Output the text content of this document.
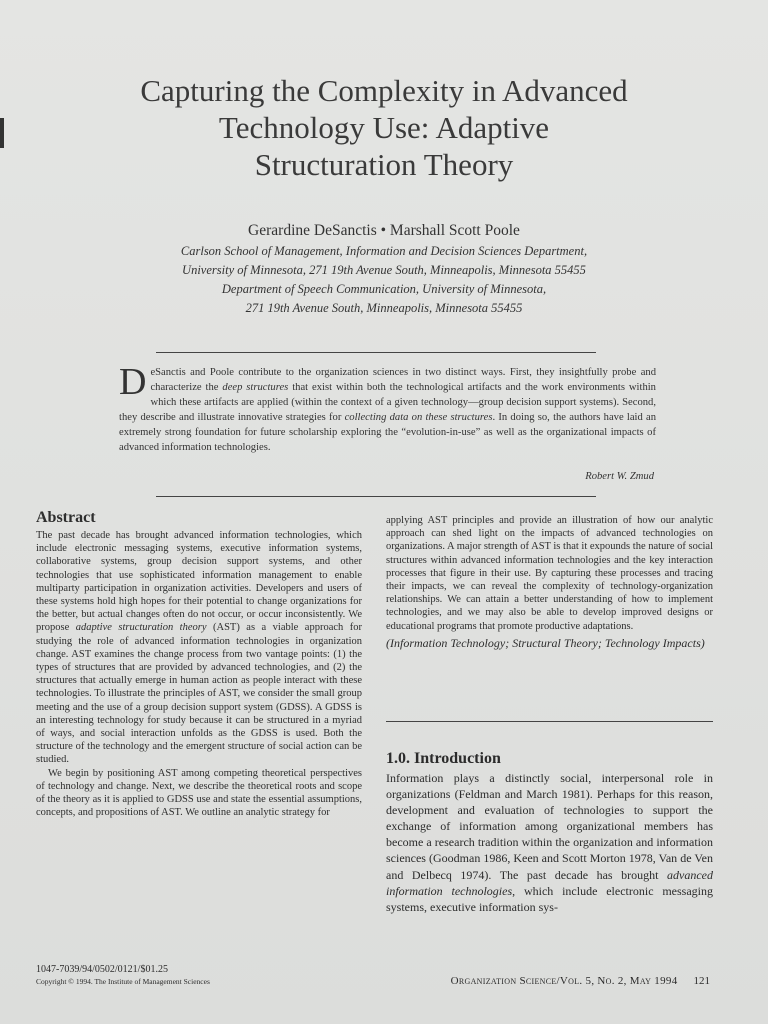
Capturing the Complexity in Advanced
Technology Use: Adaptive
Structuration Theory
Gerardine DeSanctis • Marshall Scott Poole
Carlson School of Management, Information and Decision Sciences Department,
University of Minnesota, 271 19th Avenue South, Minneapolis, Minnesota 55455
Department of Speech Communication, University of Minnesota,
271 19th Avenue South, Minneapolis, Minnesota 55455
DeSanctis and Poole contribute to the organization sciences in two distinct ways. First, they insightfully probe and characterize the deep structures that exist within both the technological artifacts and the work environments within which these artifacts are applied (within the context of a given technology—group decision support systems). Second, they describe and illustrate innovative strategies for collecting data on these structures. In doing so, the authors have laid an extremely strong foundation for future scholarship exploring the “evolution-in-use” as well as the organizational impacts of advanced information technologies.
Robert W. Zmud
Abstract

The past decade has brought advanced information technologies, which include electronic messaging systems, executive information systems, collaborative systems, group decision support systems, and other technologies that use sophisticated information management to enable multiparty participation in organization activities. Developers and users of these systems hold high hopes for their potential to change organizations for the better, but actual changes often do not occur, or occur inconsistently. We propose adaptive structuration theory (AST) as a viable approach for studying the role of advanced information technologies in organization change. AST examines the change process from two vantage points: (1) the types of structures that are provided by advanced technologies, and (2) the structures that actually emerge in human action as people interact with these technologies. To illustrate the principles of AST, we consider the small group meeting and the use of a group decision support system (GDSS). A GDSS is an interesting technology for study because it can be structured in a myriad of ways, and social interaction unfolds as the GDSS is used. Both the structure of the technology and the emergent structure of social action can be studied.

We begin by positioning AST among competing theoretical perspectives of technology and change. Next, we describe the theoretical roots and scope of the theory as it is applied to GDSS use and state the essential assumptions, concepts, and propositions of AST. We outline an analytic strategy for

applying AST principles and provide an illustration of how our analytic approach can shed light on the impacts of advanced technologies on organizations. A major strength of AST is that it expounds the nature of social structures within advanced information technologies and the key interaction processes that figure in their use. By capturing these processes and tracing their impacts, we can reveal the complexity of technology-organization relationships. We can attain a better understanding of how to implement technologies, and we may also be able to develop improved designs or educational programs that promote productive adaptations.

(Information Technology; Structural Theory; Technology Impacts)

1.0. Introduction
Information plays a distinctly social, interpersonal role in organizations (Feldman and March 1981). Perhaps for this reason, development and evaluation of technologies to support the exchange of information among organizational members has become a research tradition within the organization and information sciences (Goodman 1986, Keen and Scott Morton 1978, Van de Ven and Delbecq 1974). The past decade has brought advanced information technologies, which include electronic messaging systems, executive information sys-
1047-7039/94/0502/0121/$01.25
Copyright © 1994. The Institute of Management Sciences	Organization Science/Vol. 5, No. 2, May 1994 121
